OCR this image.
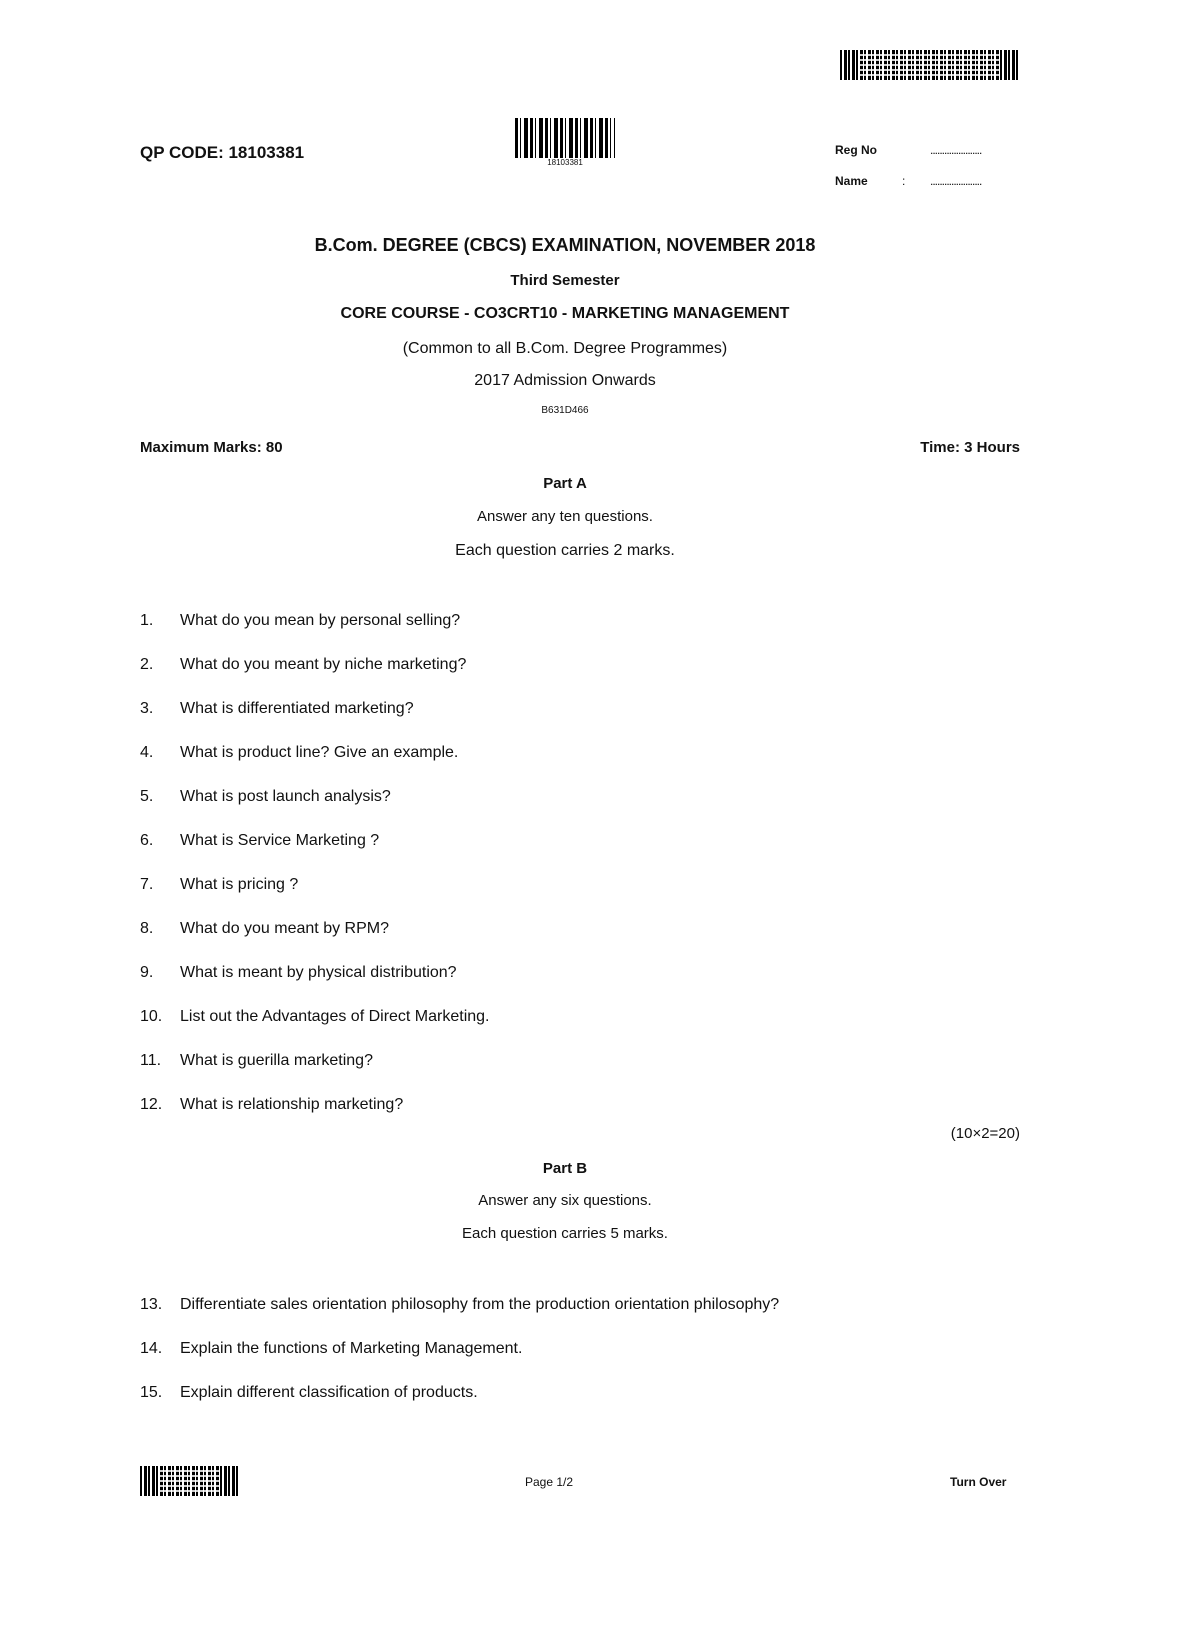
QP CODE: 18103381
18103381
Reg No	......................
Name	: ......................
B.Com. DEGREE (CBCS) EXAMINATION, NOVEMBER 2018
Third Semester
CORE COURSE - CO3CRT10 - MARKETING MANAGEMENT
(Common to all B.Com. Degree Programmes)
2017 Admission Onwards
B631D466
Maximum Marks: 80	Time: 3 Hours
Part A
Answer any ten questions.
Each question carries 2 marks.
1. What do you mean by personal selling?
2. What do you meant by niche marketing?
3. What is differentiated marketing?
4. What is product line? Give an example.
5. What is post launch analysis?
6. What is Service Marketing ?
7. What is pricing ?
8. What do you meant by RPM?
9. What is meant by physical distribution?
10. List out the Advantages of Direct Marketing.
11. What is guerilla marketing?
12. What is relationship marketing?
(10×2=20)
Part B
Answer any six questions.
Each question carries 5 marks.
13. Differentiate sales orientation philosophy from the production orientation philosophy?
14. Explain the functions of Marketing Management.
15. Explain different classification of products.
Page 1/2	Turn Over
